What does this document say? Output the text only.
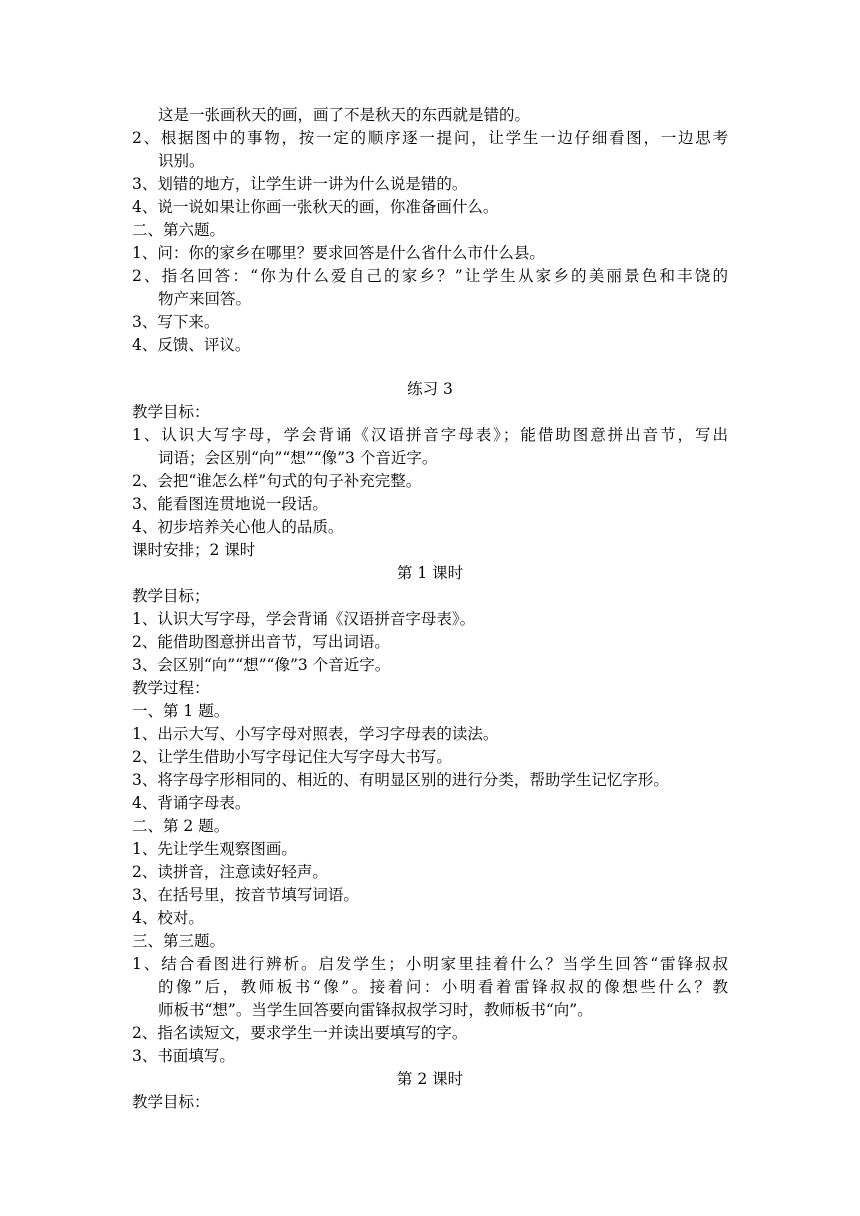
这是一张画秋天的画，画了不是秋天的东西就是错的。
2、根据图中的事物，按一定的顺序逐一提问，让学生一边仔细看图，一边思考
识别。
3、划错的地方，让学生讲一讲为什么说是错的。
4、说一说如果让你画一张秋天的画，你准备画什么。
二、第六题。
1、问：你的家乡在哪里？要求回答是什么省什么市什么县。
2、指名回答：“你为什么爱自己的家乡？”让学生从家乡的美丽景色和丰饶的
物产来回答。
3、写下来。
4、反馈、评议。
练习 3
教学目标：
1、认识大写字母，学会背诵《汉语拼音字母表》；能借助图意拼出音节，写出
词语；会区别“向”“想”“像”3 个音近字。
2、会把“谁怎么样”句式的句子补充完整。
3、能看图连贯地说一段话。
4、初步培养关心他人的品质。
课时安排；2 课时
第 1 课时
教学目标；
1、认识大写字母，学会背诵《汉语拼音字母表》。
2、能借助图意拼出音节，写出词语。
3、会区别“向”“想”“像”3 个音近字。
教学过程：
一、第 1 题。
1、出示大写、小写字母对照表，学习字母表的读法。
2、让学生借助小写字母记住大写字母大书写。
3、将字母字形相同的、相近的、有明显区别的进行分类，帮助学生记忆字形。
4、背诵字母表。
二、第 2 题。
1、先让学生观察图画。
2、读拼音，注意读好轻声。
3、在括号里，按音节填写词语。
4、校对。
三、第三题。
1、结合看图进行辨析。启发学生；小明家里挂着什么？当学生回答“雷锋叔叔
的像”后，教师板书“像”。接着问：小明看着雷锋叔叔的像想些什么？教
师板书“想”。当学生回答要向雷锋叔叔学习时，教师板书“向”。
2、指名读短文，要求学生一并读出要填写的字。
3、书面填写。
第 2 课时
教学目标：
